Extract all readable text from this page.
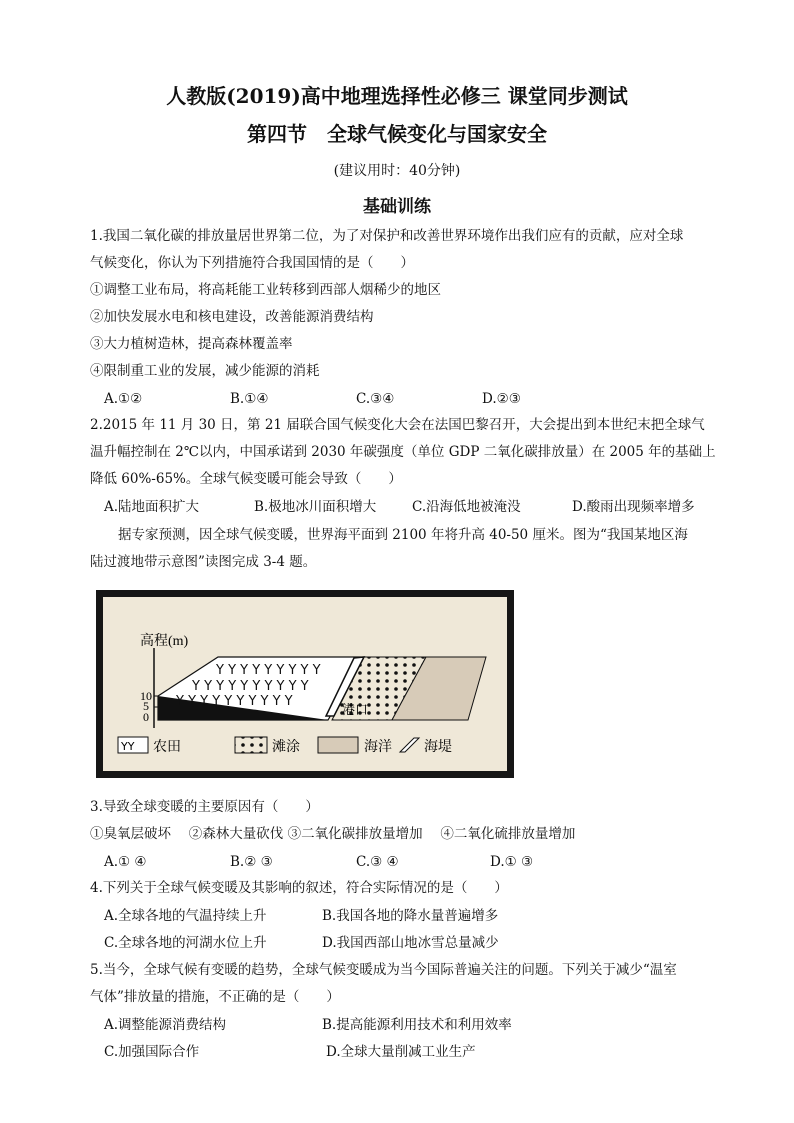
人教版(2019)高中地理选择性必修三 课堂同步测试
第四节　全球气候变化与国家安全
(建议用时：40分钟)
基础训练
1.我国二氧化碳的排放量居世界第二位，为了对保护和改善世界环境作出我们应有的贡献，应对全球
气候变化，你认为下列措施符合我国国情的是（　　）
①调整工业布局，将高耗能工业转移到西部人烟稀少的地区
②加快发展水电和核电建设，改善能源消费结构
③大力植树造林，提高森林覆盖率
④限制重工业的发展，减少能源的消耗
A.①②	B.①④	C.③④	D.②③
2.2015 年 11 月 30 日，第 21 届联合国气候变化大会在法国巴黎召开，大会提出到本世纪末把全球气
温升幅控制在 2℃以内，中国承诺到 2030 年碳强度（单位 GDP 二氧化碳排放量）在 2005 年的基础上
降低 60%-65%。全球气候变暖可能会导致（　　）
A.陆地面积扩大	B.极地冰川面积增大	C.沿海低地被淹没	D.酸雨出现频率增多
据专家预测，因全球气候变暖，世界海平面到 2100 年将升高 40-50 厘米。图为“我国某地区海
陆过渡地带示意图”读图完成 3-4 题。
高程(m)
10
5
0
Y Y Y Y Y Y Y Y Y
Y Y Y Y Y Y Y Y Y Y
Y Y Y Y Y Y Y Y Y Y
港口
YY 农田	滩涂	海洋 海堤
3.导致全球变暖的主要原因有（　　）
①臭氧层破坏　 ②森林大量砍伐 ③二氧化碳排放量增加　 ④二氧化硫排放量增加
A.① ④	B.② ③	C.③ ④	D.① ③
4.下列关于全球气候变暖及其影响的叙述，符合实际情况的是（　　）
A.全球各地的气温持续上升	B.我国各地的降水量普遍增多
C.全球各地的河湖水位上升	D.我国西部山地冰雪总量减少
5.当今，全球气候有变暖的趋势，全球气候变暖成为当今国际普遍关注的问题。下列关于减少“温室
气体”排放量的措施，不正确的是（　　）
A.调整能源消费结构	B.提高能源利用技术和利用效率
C.加强国际合作	D.全球大量削减工业生产
